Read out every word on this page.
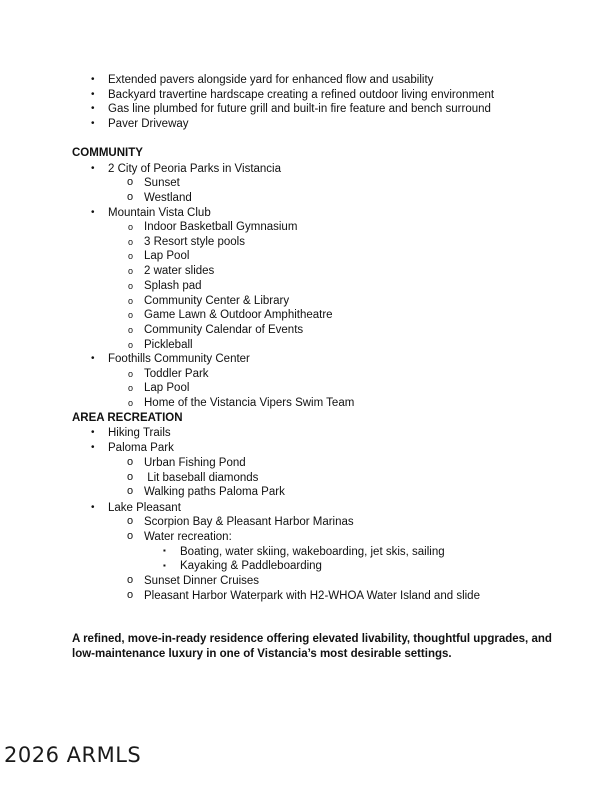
• Extended pavers alongside yard for enhanced flow and usability
• Backyard travertine hardscape creating a refined outdoor living environment
• Gas line plumbed for future grill and built-in fire feature and bench surround
• Paver Driveway
COMMUNITY
• 2 City of Peoria Parks in Vistancia
o Sunset
o Westland
• Mountain Vista Club
o Indoor Basketball Gymnasium
o 3 Resort style pools
o Lap Pool
o 2 water slides
o Splash pad
o Community Center & Library
o Game Lawn & Outdoor Amphitheatre
o Community Calendar of Events
o Pickleball
• Foothills Community Center
o Toddler Park
o Lap Pool
o Home of the Vistancia Vipers Swim Team
AREA RECREATION
• Hiking Trails
• Paloma Park
o Urban Fishing Pond
o Lit baseball diamonds
o Walking paths Paloma Park
• Lake Pleasant
o Scorpion Bay & Pleasant Harbor Marinas
o Water recreation:
▪ Boating, water skiing, wakeboarding, jet skis, sailing
▪ Kayaking & Paddleboarding
o Sunset Dinner Cruises
o Pleasant Harbor Waterpark with H2-WHOA Water Island and slide
A refined, move-in-ready residence offering elevated livability, thoughtful upgrades, and
low-maintenance luxury in one of Vistancia’s most desirable settings.
2026 ARMLS
